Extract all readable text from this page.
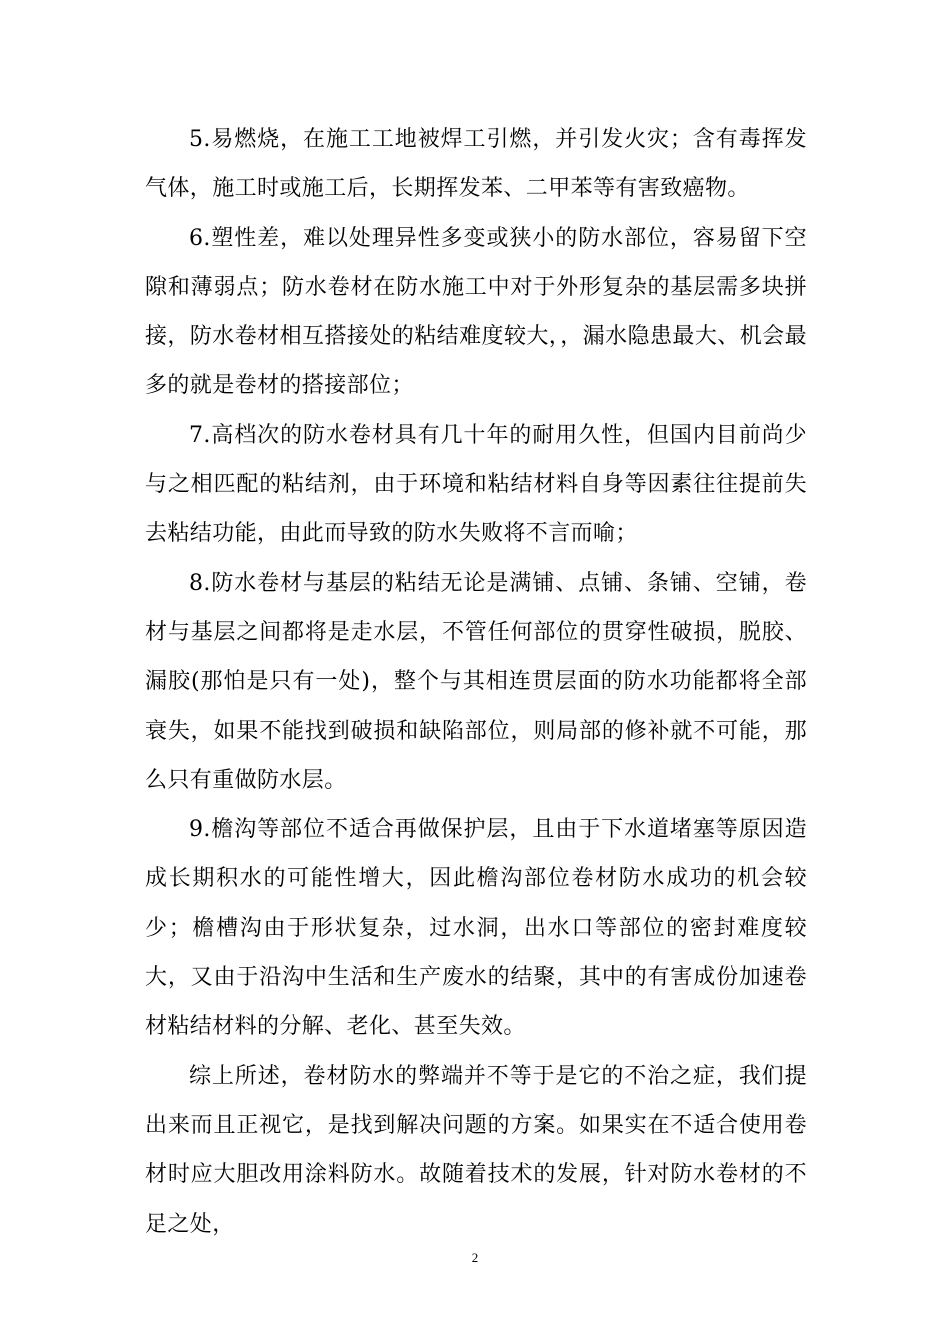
5.易燃烧，在施工工地被焊工引燃，并引发火灾；含有毒挥发气体，施工时或施工后，长期挥发苯、二甲苯等有害致癌物。

6.塑性差，难以处理异性多变或狭小的防水部位，容易留下空隙和薄弱点；防水卷材在防水施工中对于外形复杂的基层需多块拼接，防水卷材相互搭接处的粘结难度较大，，漏水隐患最大、机会最多的就是卷材的搭接部位；

7.高档次的防水卷材具有几十年的耐用久性，但国内目前尚少与之相匹配的粘结剂，由于环境和粘结材料自身等因素往往提前失去粘结功能，由此而导致的防水失败将不言而喻；

8.防水卷材与基层的粘结无论是满铺、点铺、条铺、空铺，卷材与基层之间都将是走水层，不管任何部位的贯穿性破损，脱胶、漏胶(那怕是只有一处)，整个与其相连贯层面的防水功能都将全部衰失，如果不能找到破损和缺陷部位，则局部的修补就不可能，那么只有重做防水层。

9.檐沟等部位不适合再做保护层，且由于下水道堵塞等原因造成长期积水的可能性增大，因此檐沟部位卷材防水成功的机会较少；檐槽沟由于形状复杂，过水洞，出水口等部位的密封难度较大，又由于沿沟中生活和生产废水的结聚，其中的有害成份加速卷材粘结材料的分解、老化、甚至失效。

综上所述，卷材防水的弊端并不等于是它的不治之症，我们提出来而且正视它，是找到解决问题的方案。如果实在不适合使用卷材时应大胆改用涂料防水。故随着技术的发展，针对防水卷材的不足之处，

2
